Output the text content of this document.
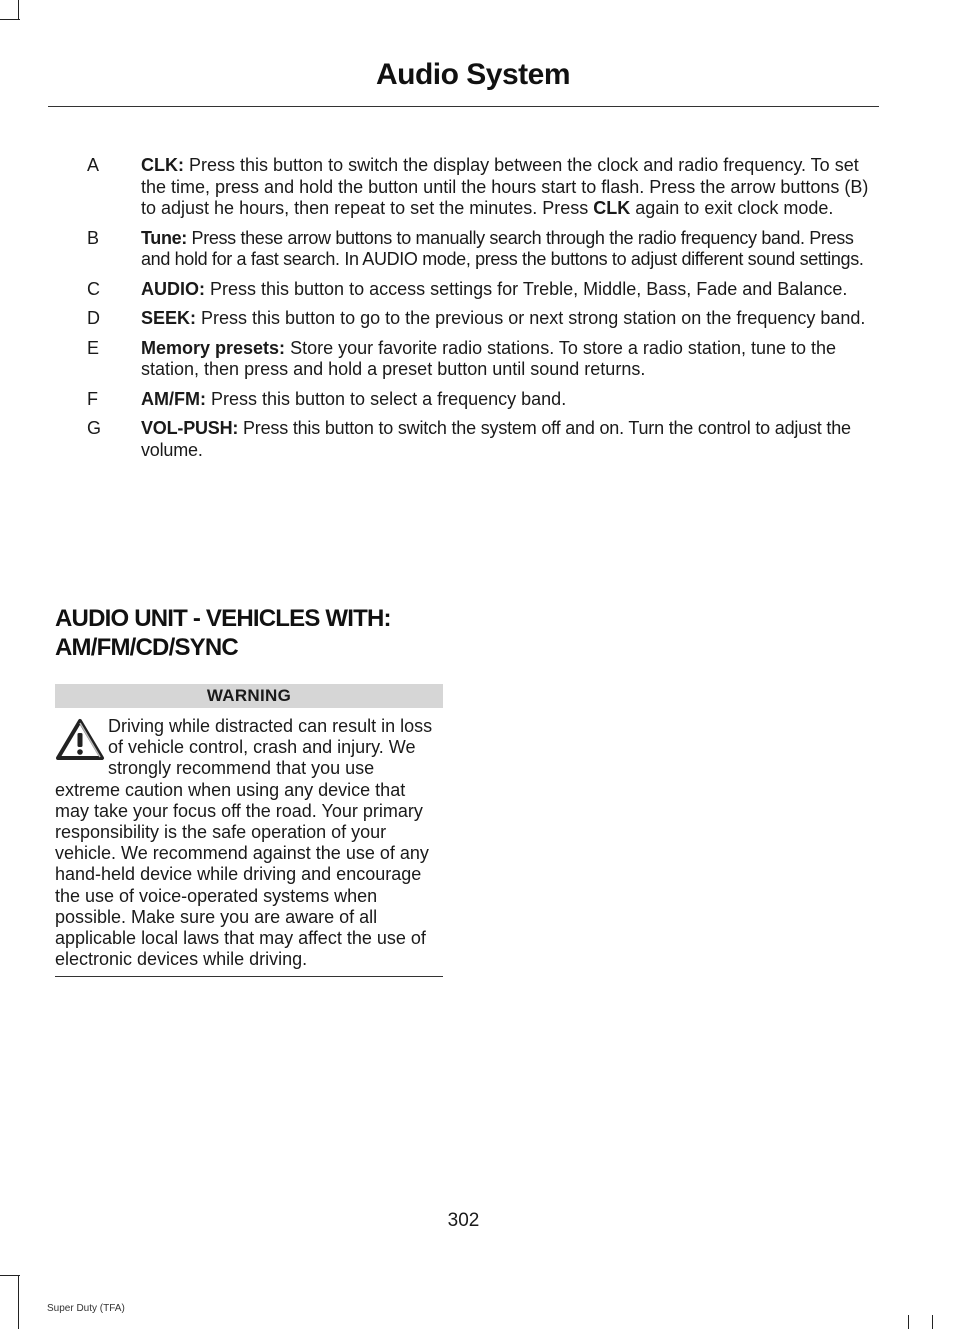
Audio System
A	CLK: Press this button to switch the display between the clock and radio frequency. To set the time, press and hold the button until the hours start to flash. Press the arrow buttons (B) to adjust he hours, then repeat to set the minutes. Press CLK again to exit clock mode.
B	Tune: Press these arrow buttons to manually search through the radio frequency band. Press and hold for a fast search. In AUDIO mode, press the buttons to adjust different sound settings.
C	AUDIO: Press this button to access settings for Treble, Middle, Bass, Fade and Balance.
D	SEEK: Press this button to go to the previous or next strong station on the frequency band.
E	Memory presets: Store your favorite radio stations. To store a radio station, tune to the station, then press and hold a preset button until sound returns.
F	AM/FM: Press this button to select a frequency band.
G	VOL-PUSH: Press this button to switch the system off and on. Turn the control to adjust the volume.
AUDIO UNIT - VEHICLES WITH:
AM/FM/CD/SYNC
WARNING
Driving while distracted can result in loss of vehicle control, crash and injury. We strongly recommend that you use extreme caution when using any device that may take your focus off the road. Your primary responsibility is the safe operation of your vehicle. We recommend against the use of any hand-held device while driving and encourage the use of voice-operated systems when possible. Make sure you are aware of all applicable local laws that may affect the use of electronic devices while driving.
302
Super Duty (TFA)
